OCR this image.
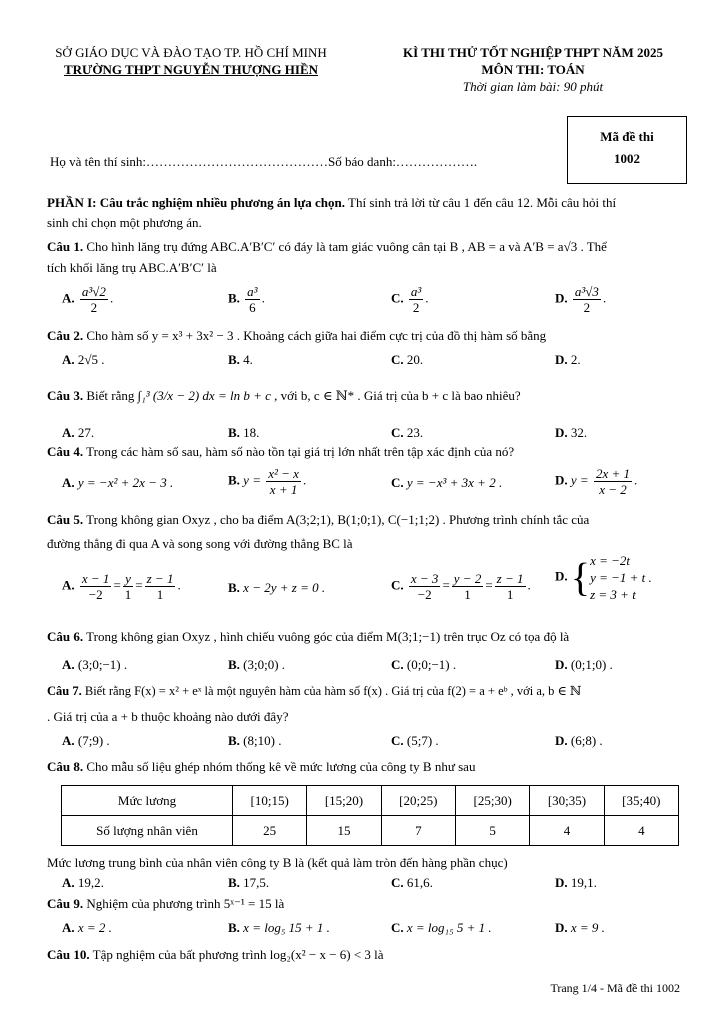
SỞ GIÁO DỤC VÀ ĐÀO TẠO TP. HỒ CHÍ MINH
TRƯỜNG THPT NGUYỄN THƯỢNG HIỀN
KÌ THI THỬ TỐT NGHIỆP THPT NĂM 2025
MÔN THI: TOÁN
Thời gian làm bài: 90 phút
Mã đề thi
1002
Họ và tên thí sinh:……………………………………Số báo danh:……………….
PHẦN I: Câu trắc nghiệm nhiều phương án lựa chọn. Thí sinh trả lời từ câu 1 đến câu 12. Mỗi câu hỏi thí
sinh chỉ chọn một phương án.
Câu 1. Cho hình lăng trụ đứng ABC.A′B′C′ có đáy là tam giác vuông cân tại B , AB = a và A′B = a√3 . Thể
tích khối lăng trụ ABC.A′B′C′ là
A. $\frac{\text{a³√2}}{2}$ .	B. $\frac{\text{a³}}{6}$ .	C. $\frac{\text{a³}}{2}$ .	D. $\frac{\text{a³√3}}{2}$ .
Câu 2. Cho hàm số y = x³ + 3x² − 3 . Khoảng cách giữa hai điểm cực trị của đồ thị hàm số bằng
A. 2√5 .	B. 4.	C. 20.	D. 2.
Câu 3. Biết rằng ∫₁³ (3/x − 2) dx = ln b + c , với b, c ∈ ℕ* . Giá trị của b + c là bao nhiêu?
A. 27.	B. 18.	C. 23.	D. 32.
Câu 4. Trong các hàm số sau, hàm số nào tồn tại giá trị lớn nhất trên tập xác định của nó?
A. y = −x² + 2x − 3 .	B. $y = \frac{\text{x² − x}}{x + 1}$ .	C. y = −x³ + 3x + 2 .	D. $y = \frac{2x + 1}{x - 2}$ .
Câu 5. Trong không gian Oxyz , cho ba điểm A(3;2;1), B(1;0;1), C(−1;1;2) . Phương trình chính tắc của
đường thẳng đi qua A và song song với đường thẳng BC là
A. $\frac{x - 1}{-2} = \frac{y}{1} = \frac{z - 1}{1}$ .	B. x − 2y + z = 0 .	C. $\frac{x - 3}{-2} = \frac{y - 2}{1} = \frac{z - 1}{1}$ .
D. { x = −2t
y = −1 + t .
z = 3 + t
Câu 6. Trong không gian Oxyz , hình chiếu vuông góc của điểm M(3;1;−1) trên trục Oz có tọa độ là
A. (3;0;−1) .	B. (3;0;0) .	C. (0;0;−1) .	D. (0;1;0) .
Câu 7. Biết rằng F(x) = x² + eˣ là một nguyên hàm của hàm số f(x) . Giá trị của f(2) = a + eᵇ , với a, b ∈ ℕ
. Giá trị của a + b thuộc khoảng nào dưới đây?
A. (7;9) .	B. (8;10) .	C. (5;7) .	D. (6;8) .
Câu 8. Cho mẫu số liệu ghép nhóm thống kê về mức lương của công ty B như sau
Mức lương	[10;15)	[15;20)	[20;25)	[25;30)	[30;35)	[35;40)
Số lượng nhân viên	25	15	7	5	4	4
Mức lương trung bình của nhân viên công ty B là (kết quả làm tròn đến hàng phần chục)
A. 19,2.	B. 17,5.	C. 61,6.	D. 19,1.
Câu 9. Nghiệm của phương trình 5ˣ⁻¹ = 15 là
A. x = 2 .	B. x = log₅ 15 + 1 .	C. x = log₁₅ 5 + 1 .	D. x = 9 .
Câu 10. Tập nghiệm của bất phương trình log₂(x² − x − 6) < 3 là
Trang 1/4 - Mã đề thi 1002
